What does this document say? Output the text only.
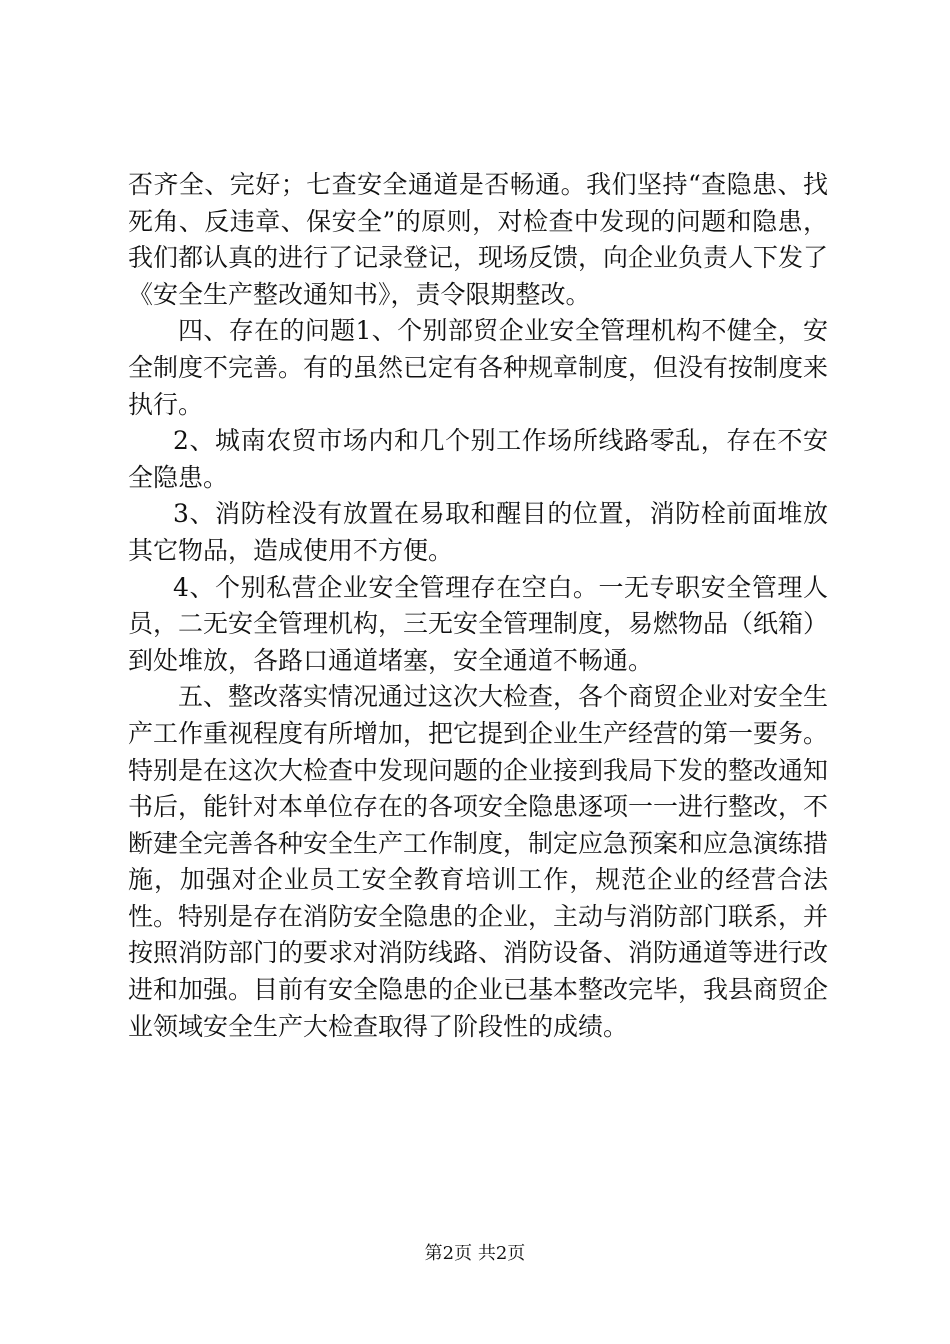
否齐全、完好；七查安全通道是否畅通。我们坚持“查隐患、找死角、反违章、保安全”的原则，对检查中发现的问题和隐患，我们都认真的进行了记录登记，现场反馈，向企业负责人下发了《安全生产整改通知书》，责令限期整改。

四、存在的问题1、个别部贸企业安全管理机构不健全，安全制度不完善。有的虽然已定有各种规章制度，但没有按制度来执行。

2、城南农贸市场内和几个别工作场所线路零乱，存在不安全隐患。

3、消防栓没有放置在易取和醒目的位置，消防栓前面堆放其它物品，造成使用不方便。

4、个别私营企业安全管理存在空白。一无专职安全管理人员，二无安全管理机构，三无安全管理制度，易燃物品（纸箱）到处堆放，各路口通道堵塞，安全通道不畅通。

五、整改落实情况通过这次大检查，各个商贸企业对安全生产工作重视程度有所增加，把它提到企业生产经营的第一要务。特别是在这次大检查中发现问题的企业接到我局下发的整改通知书后，能针对本单位存在的各项安全隐患逐项一一进行整改，不断建全完善各种安全生产工作制度，制定应急预案和应急演练措施，加强对企业员工安全教育培训工作，规范企业的经营合法性。特别是存在消防安全隐患的企业，主动与消防部门联系，并按照消防部门的要求对消防线路、消防设备、消防通道等进行改进和加强。目前有安全隐患的企业已基本整改完毕，我县商贸企业领域安全生产大检查取得了阶段性的成绩。

第2页 共2页
